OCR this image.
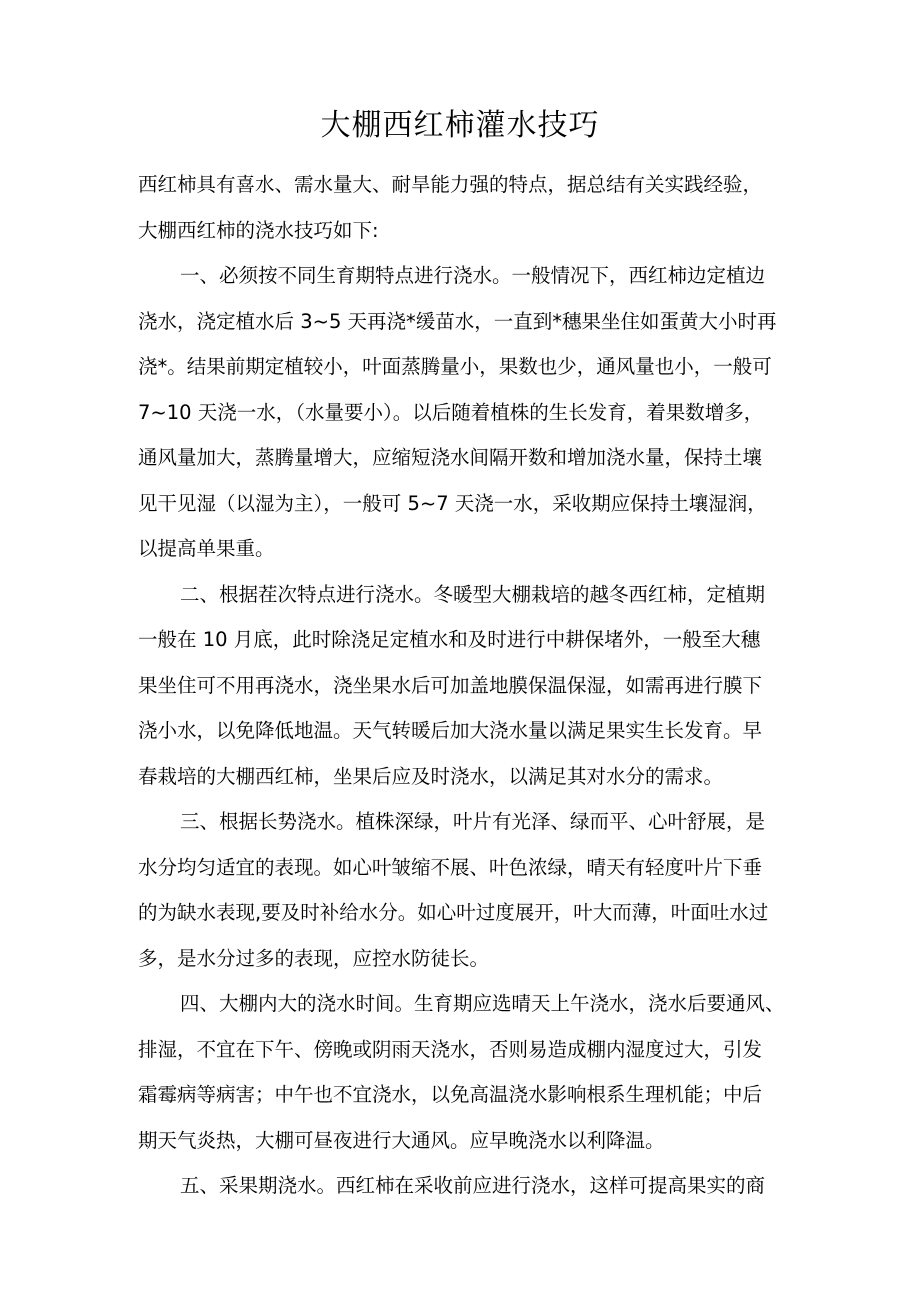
大棚西红柿灌水技巧
西红柿具有喜水、需水量大、耐旱能力强的特点，据总结有关实践经验，
大棚西红柿的浇水技巧如下:
一、必须按不同生育期特点进行浇水。一般情况下，西红柿边定植边
浇水，浇定植水后 3~5 天再浇*缓苗水，一直到*穗果坐住如蛋黄大小时再
浇*。结果前期定植较小，叶面蒸腾量小，果数也少，通风量也小，一般可
7~10 天浇一水，（水量要小）。以后随着植株的生长发育，着果数增多，
通风量加大，蒸腾量增大，应缩短浇水间隔开数和增加浇水量，保持土壤
见干见湿（以湿为主），一般可 5~7 天浇一水，采收期应保持土壤湿润，
以提高单果重。
二、根据茬次特点进行浇水。冬暖型大棚栽培的越冬西红柿，定植期
一般在 10 月底，此时除浇足定植水和及时进行中耕保堵外，一般至大穗
果坐住可不用再浇水，浇坐果水后可加盖地膜保温保湿，如需再进行膜下
浇小水，以免降低地温。天气转暖后加大浇水量以满足果实生长发育。早
春栽培的大棚西红柿，坐果后应及时浇水，以满足其对水分的需求。
三、根据长势浇水。植株深绿，叶片有光泽、绿而平、心叶舒展，是
水分均匀适宜的表现。如心叶皱缩不展、叶色浓绿，晴天有轻度叶片下垂
的为缺水表现,要及时补给水分。如心叶过度展开，叶大而薄，叶面吐水过
多，是水分过多的表现，应控水防徒长。
四、大棚内大的浇水时间。生育期应选晴天上午浇水，浇水后要通风、
排湿，不宜在下午、傍晚或阴雨天浇水，否则易造成棚内湿度过大，引发
霜霉病等病害；中午也不宜浇水，以免高温浇水影响根系生理机能；中后
期天气炎热，大棚可昼夜进行大通风。应早晚浇水以利降温。
五、采果期浇水。西红柿在采收前应进行浇水，这样可提高果实的商
